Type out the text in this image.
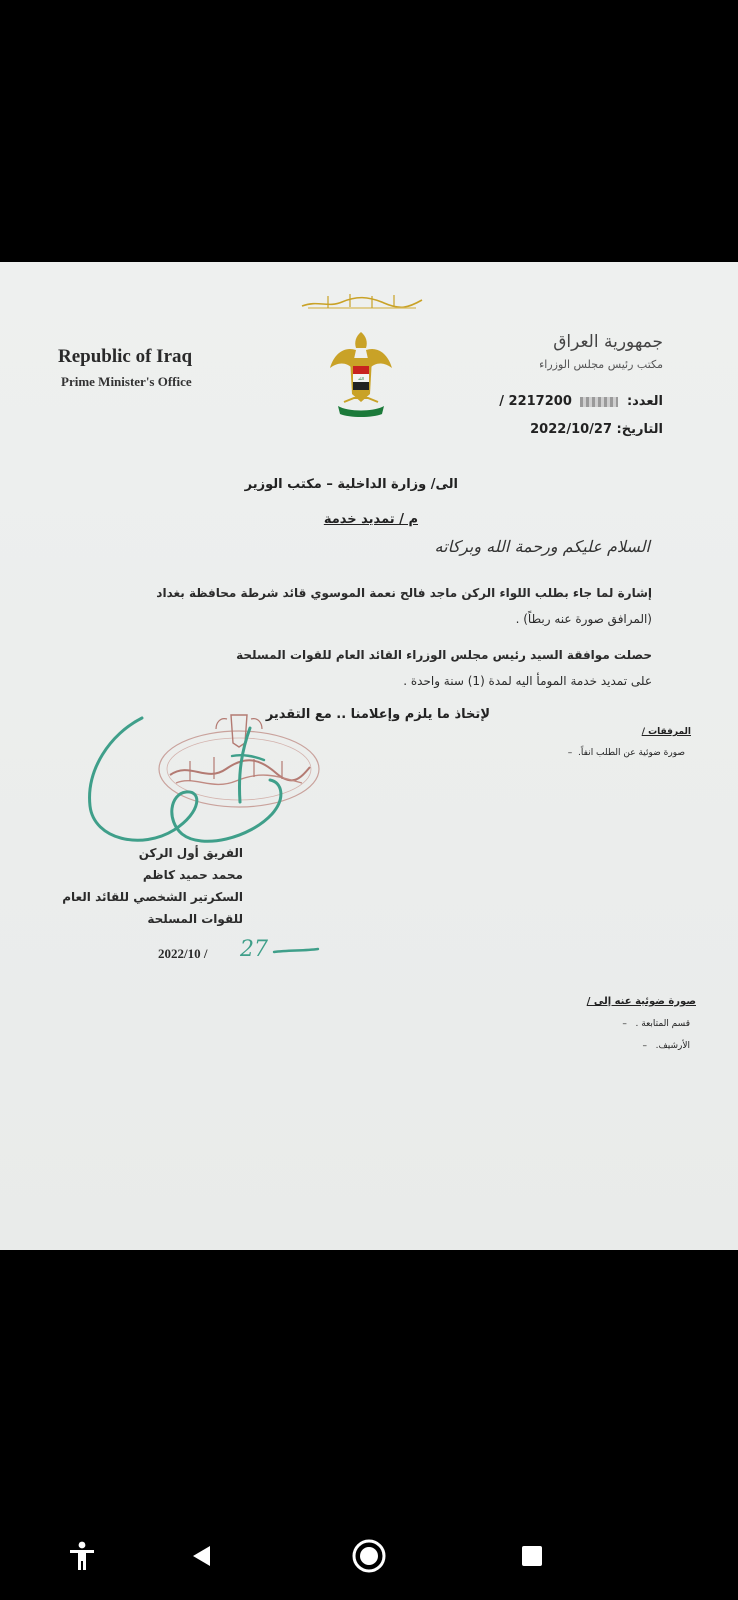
Republic of Iraq
Prime Minister's Office	الله
جمهورية العراق
مكتب رئيس مجلس الوزراء
العدد:  2217200 /
التاريخ: 2022/10/27
الى/ وزارة الداخلية – مكتب الوزير
م / تمديد خدمة
السلام عليكم ورحمة الله وبركاته
إشارة لما جاء بطلب اللواء الركن ماجد فالح نعمة الموسوي قائد شرطة محافظة بغداد
(المرافق صورة عنه ربطاً) .
حصلت موافقة السيد رئيس مجلس الوزراء القائد العام للقوات المسلحة
على تمديد خدمة المومأ اليه لمدة (1) سنة واحدة .
لإتخاذ ما يلزم وإعلامنا .. مع التقدير
المرفقات /
صورة ضوئية عن الطلب انفاً.  –
الفريق أول الركن
محمد حميد كاظم
السكرتير الشخصي للقائد العام
للقوات المسلحة
2022/10 / 27
صورة ضوئية عنه إلى /
قسم المتابعة .   –
الأرشيف.   –
